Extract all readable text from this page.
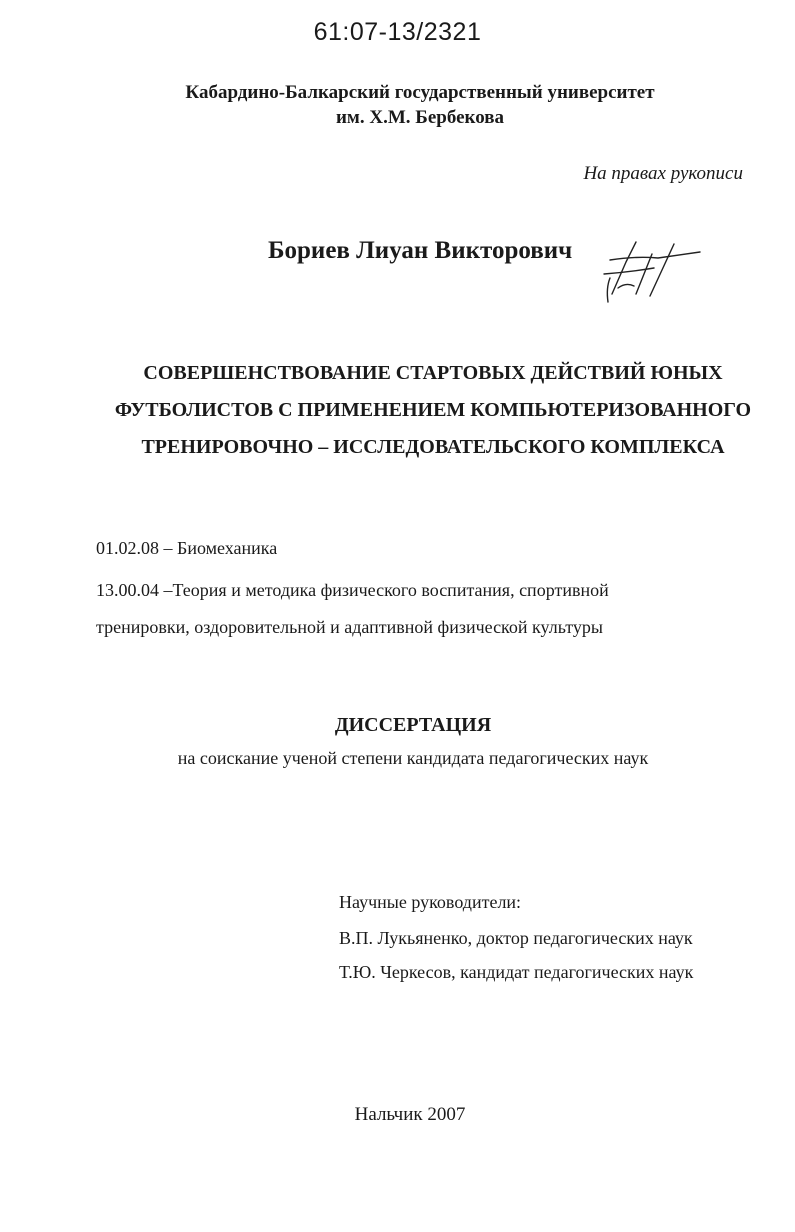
61:07-13/2321
Кабардино-Балкарский государственный университет
им. Х.М. Бербекова
На правах рукописи
Бориев Лиуан Викторович
СОВЕРШЕНСТВОВАНИЕ СТАРТОВЫХ ДЕЙСТВИЙ ЮНЫХ
ФУТБОЛИСТОВ С ПРИМЕНЕНИЕМ КОМПЬЮТЕРИЗОВАННОГО
ТРЕНИРОВОЧНО – ИССЛЕДОВАТЕЛЬСКОГО КОМПЛЕКСА
01.02.08 – Биомеханика
13.00.04 –Теория и методика физического воспитания, спортивной тренировки, оздоровительной и адаптивной физической культуры
ДИССЕРТАЦИЯ
на соискание ученой степени кандидата педагогических наук
Научные руководители:
В.П. Лукьяненко, доктор педагогических наук
Т.Ю. Черкесов, кандидат педагогических наук
Нальчик 2007
